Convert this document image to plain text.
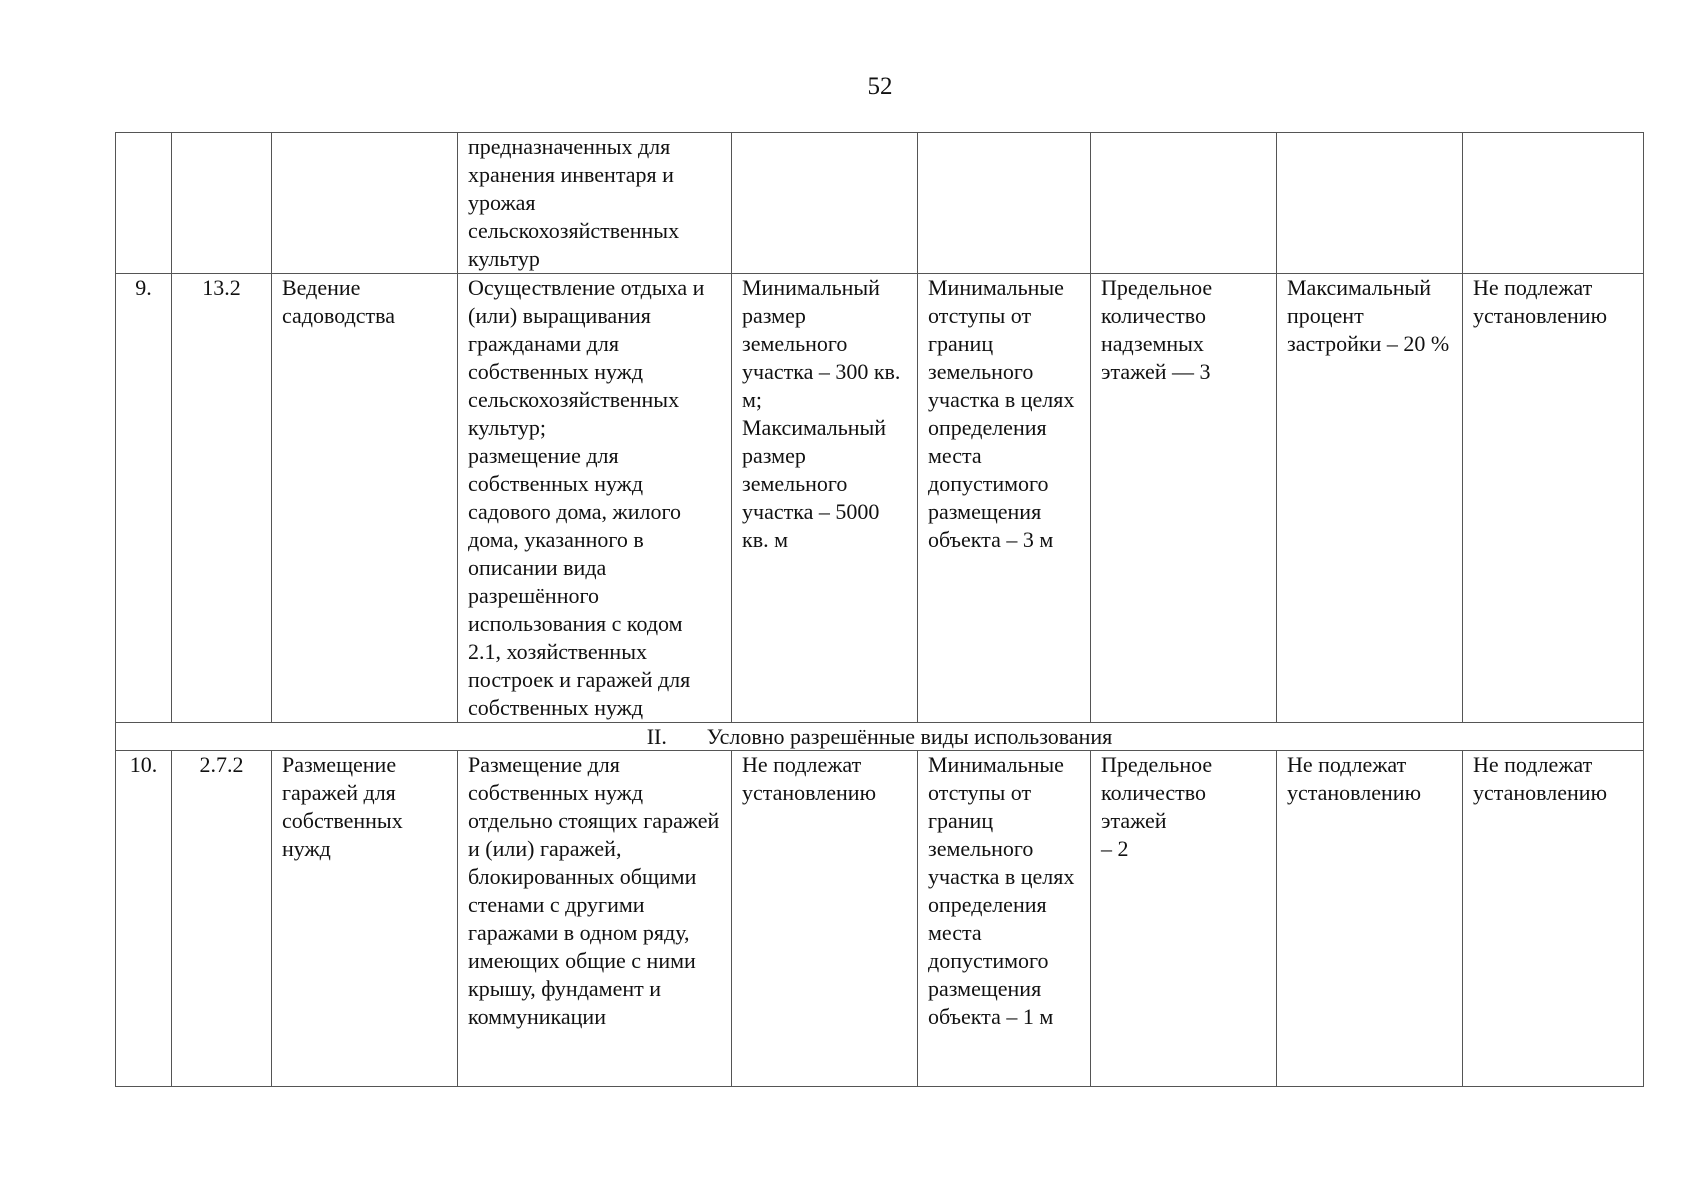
52
			предназначенных для хранения инвентаря и урожая сельскохозяйственных культур					
9.	13.2	Ведение садоводства	Осуществление отдыха и (или) выращивания гражданами для собственных нужд сельскохозяйственных культур;
размещение для собственных нужд садового дома, жилого дома, указанного в описании вида разрешённого использования с кодом 2.1, хозяйственных построек и гаражей для собственных нужд	Минимальный размер земельного участка – 300 кв. м;
Максимальный размер земельного участка – 5000 кв. м	Минимальные отступы от границ земельного участка в целях определения места допустимого размещения объекта – 3 м	Предельное количество надземных этажей — 3	Максимальный процент застройки – 20 %	Не подлежат установлению
II. Условно разрешённые виды использования								
10.	2.7.2	Размещение гаражей для собственных нужд	Размещение для собственных нужд отдельно стоящих гаражей и (или) гаражей, блокированных общими стенами с другими гаражами в одном ряду, имеющих общие с ними крышу, фундамент и коммуникации	Не подлежат установлению	Минимальные отступы от границ земельного участка в целях определения места допустимого размещения объекта – 1 м	Предельное количество этажей
– 2	Не подлежат установлению	Не подлежат установлению
